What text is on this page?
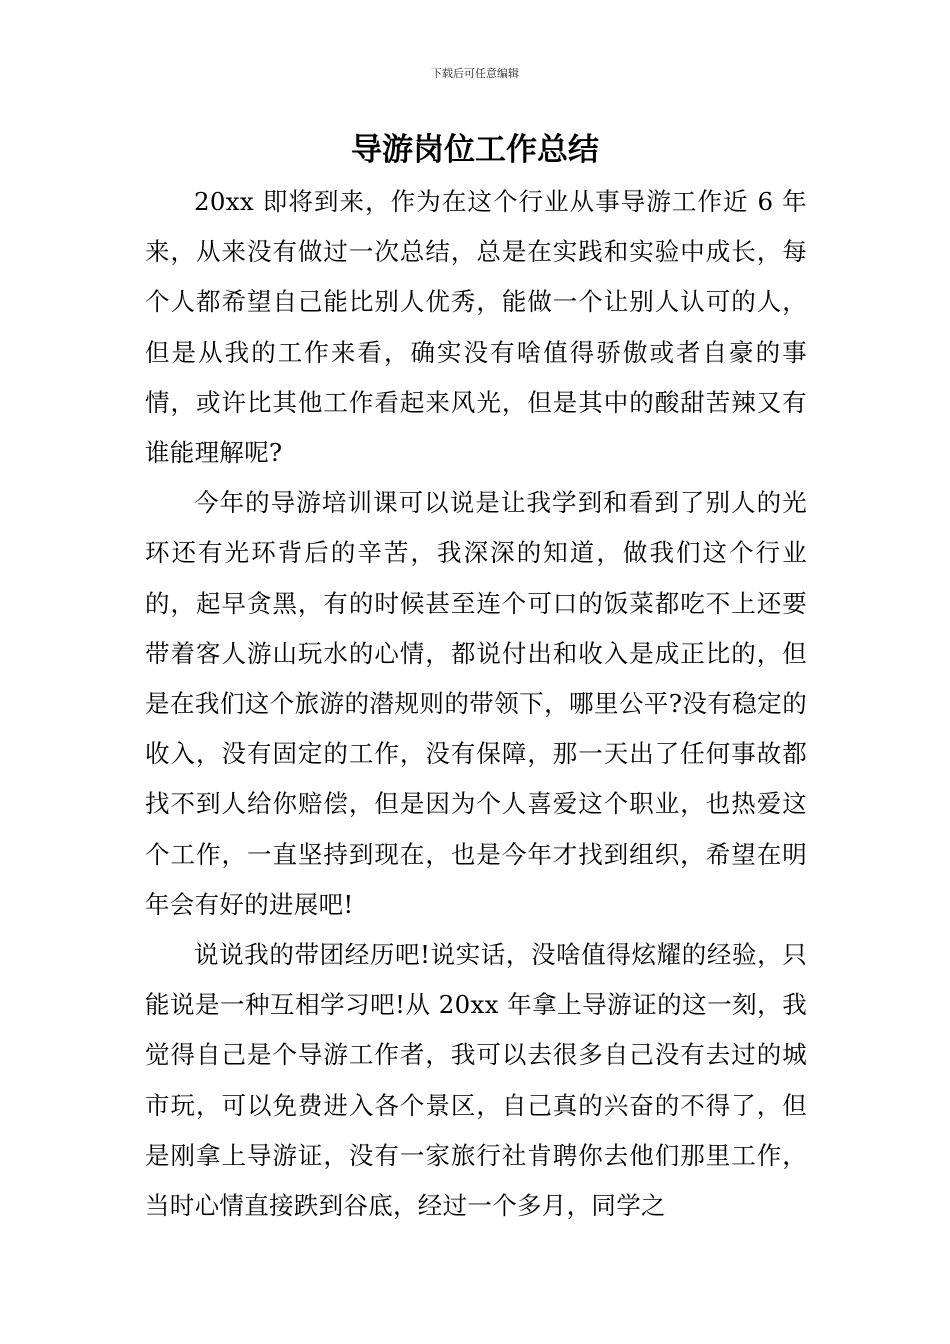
下载后可任意编辑
导游岗位工作总结

20xx 即将到来，作为在这个行业从事导游工作近 6 年来，从来没有做过一次总结，总是在实践和实验中成长，每个人都希望自己能比别人优秀，能做一个让别人认可的人，但是从我的工作来看，确实没有啥值得骄傲或者自豪的事情，或许比其他工作看起来风光，但是其中的酸甜苦辣又有谁能理解呢?

今年的导游培训课可以说是让我学到和看到了别人的光环还有光环背后的辛苦，我深深的知道，做我们这个行业的，起早贪黑，有的时候甚至连个可口的饭菜都吃不上还要带着客人游山玩水的心情，都说付出和收入是成正比的，但是在我们这个旅游的潜规则的带领下，哪里公平?没有稳定的收入，没有固定的工作，没有保障，那一天出了任何事故都找不到人给你赔偿，但是因为个人喜爱这个职业，也热爱这个工作，一直坚持到现在，也是今年才找到组织，希望在明年会有好的进展吧!

说说我的带团经历吧!说实话，没啥值得炫耀的经验，只能说是一种互相学习吧!从 20xx 年拿上导游证的这一刻，我觉得自己是个导游工作者，我可以去很多自己没有去过的城市玩，可以免费进入各个景区，自己真的兴奋的不得了，但是刚拿上导游证，没有一家旅行社肯聘你去他们那里工作，当时心情直接跌到谷底，经过一个多月，同学之
